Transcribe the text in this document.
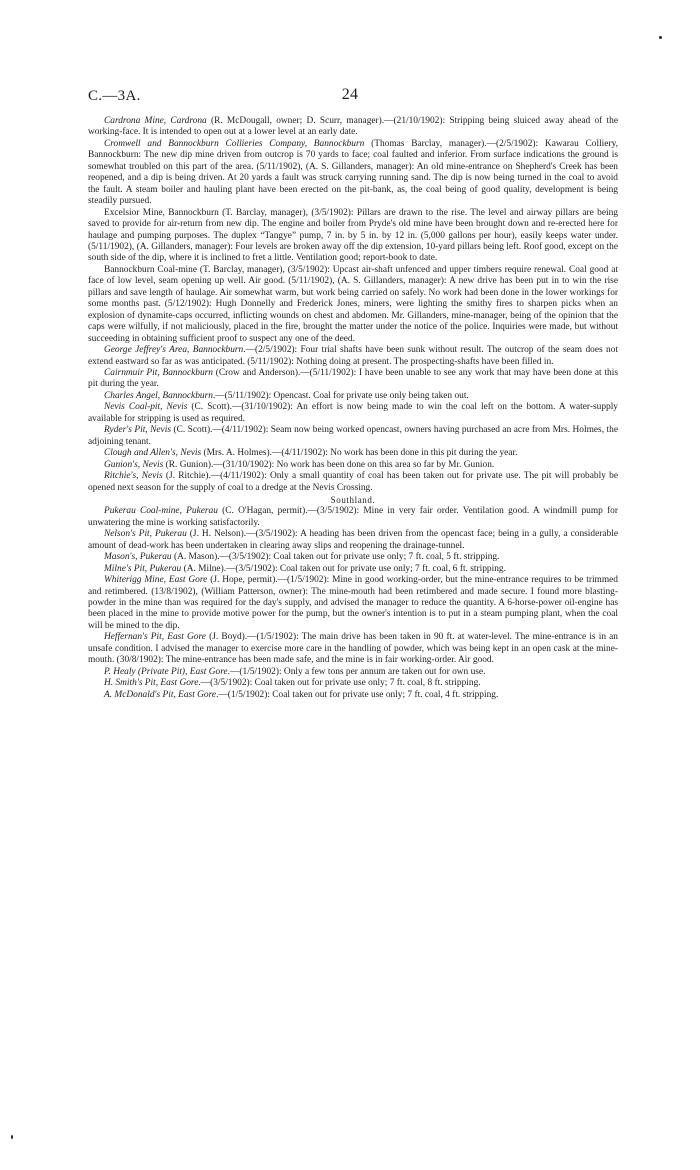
C.—3A.	24

Cardrona Mine, Cardrona (R. McDougall, owner; D. Scurr, manager).—(21/10/1902): Stripping being sluiced away ahead of the working-face. It is intended to open out at a lower level at an early date.

Cromwell and Bannockburn Collieries Company, Bannockburn (Thomas Barclay, manager).—(2/5/1902): Kawarau Colliery, Bannockburn: The new dip mine driven from outcrop is 70 yards to face; coal faulted and inferior. From surface indications the ground is somewhat troubled on this part of the area. (5/11/1902), (A. S. Gillanders, manager): An old mine-entrance on Shepherd's Creek has been reopened, and a dip is being driven. At 20 yards a fault was struck carrying running sand. The dip is now being turned in the coal to avoid the fault. A steam boiler and hauling plant have been erected on the pit-bank, as, the coal being of good quality, development is being steadily pursued.

Excelsior Mine, Bannockburn (T. Barclay, manager), (3/5/1902): Pillars are drawn to the rise. The level and airway pillars are being saved to provide for air-return from new dip. The engine and boiler from Pryde's old mine have been brought down and re-erected here for haulage and pumping purposes. The duplex “Tangye” pump, 7 in. by 5 in. by 12 in. (5,000 gallons per hour), easily keeps water under. (5/11/1902), (A. Gillanders, manager): Four levels are broken away off the dip extension, 10-yard pillars being left. Roof good, except on the south side of the dip, where it is inclined to fret a little. Ventilation good; report-book to date.

Bannockburn Coal-mine (T. Barclay, manager), (3/5/1902): Upcast air-shaft unfenced and upper timbers require renewal. Coal good at face of low level, seam opening up well. Air good. (5/11/1902), (A. S. Gillanders, manager): A new drive has been put in to win the rise pillars and save length of haulage. Air somewhat warm, but work being carried on safely. No work had been done in the lower workings for some months past. (5/12/1902): Hugh Donnelly and Frederick Jones, miners, were lighting the smithy fires to sharpen picks when an explosion of dynamite-caps occurred, inflicting wounds on chest and abdomen. Mr. Gillanders, mine-manager, being of the opinion that the caps were wilfully, if not maliciously, placed in the fire, brought the matter under the notice of the police. Inquiries were made, but without succeeding in obtaining sufficient proof to suspect any one of the deed.

George Jeffrey's Area, Bannockburn.—(2/5/1902): Four trial shafts have been sunk without result. The outcrop of the seam does not extend eastward so far as was anticipated. (5/11/1902): Nothing doing at present. The prospecting-shafts have been filled in.

Cairnmuir Pit, Bannockburn (Crow and Anderson).—(5/11/1902): I have been unable to see any work that may have been done at this pit during the year.

Charles Angel, Bannockburn.—(5/11/1902): Opencast. Coal for private use only being taken out.

Nevis Coal-pit, Nevis (C. Scott).—(31/10/1902): An effort is now being made to win the coal left on the bottom. A water-supply available for stripping is used as required.

Ryder's Pit, Nevis (C. Scott).—(4/11/1902): Seam now being worked opencast, owners having purchased an acre from Mrs. Holmes, the adjoining tenant.

Clough and Allen's, Nevis (Mrs. A. Holmes).—(4/11/1902): No work has been done in this pit during the year.

Gunion's, Nevis (R. Gunion).—(31/10/1902): No work has been done on this area so far by Mr. Gunion.

Ritchie's, Nevis (J. Ritchie).—(4/11/1902): Only a small quantity of coal has been taken out for private use. The pit will probably be opened next season for the supply of coal to a dredge at the Nevis Crossing.

Southland.

Pukerau Coal-mine, Pukerau (C. O'Hagan, permit).—(3/5/1902): Mine in very fair order. Ventilation good. A windmill pump for unwatering the mine is working satisfactorily.

Nelson's Pit, Pukerau (J. H. Nelson).—(3/5/1902): A heading has been driven from the opencast face; being in a gully, a considerable amount of dead-work has been undertaken in clearing away slips and reopening the drainage-tunnel.

Mason's, Pukerau (A. Mason).—(3/5/1902): Coal taken out for private use only; 7 ft. coal, 5 ft. stripping.

Milne's Pit, Pukerau (A. Milne).—(3/5/1902): Coal taken out for private use only; 7 ft. coal, 6 ft. stripping.

Whiterigg Mine, East Gore (J. Hope, permit).—(1/5/1902): Mine in good working-order, but the mine-entrance requires to be trimmed and retimbered. (13/8/1902), (William Patterson, owner): The mine-mouth had been retimbered and made secure. I found more blasting-powder in the mine than was required for the day's supply, and advised the manager to reduce the quantity. A 6-horse-power oil-engine has been placed in the mine to provide motive power for the pump, but the owner's intention is to put in a steam pumping plant, when the coal will be mined to the dip.

Heffernan's Pit, East Gore (J. Boyd).—(1/5/1902): The main drive has been taken in 90 ft. at water-level. The mine-entrance is in an unsafe condition. I advised the manager to exercise more care in the handling of powder, which was being kept in an open cask at the mine-mouth. (30/8/1902): The mine-entrance has been made safe, and the mine is in fair working-order. Air good.

P. Healy (Private Pit), East Gore.—(1/5/1902): Only a few tons per annum are taken out for own use.

H. Smith's Pit, East Gore.—(3/5/1902): Coal taken out for private use only; 7 ft. coal, 8 ft. stripping.

A. McDonald's Pit, East Gore.—(1/5/1902): Coal taken out for private use only; 7 ft. coal, 4 ft. stripping.
